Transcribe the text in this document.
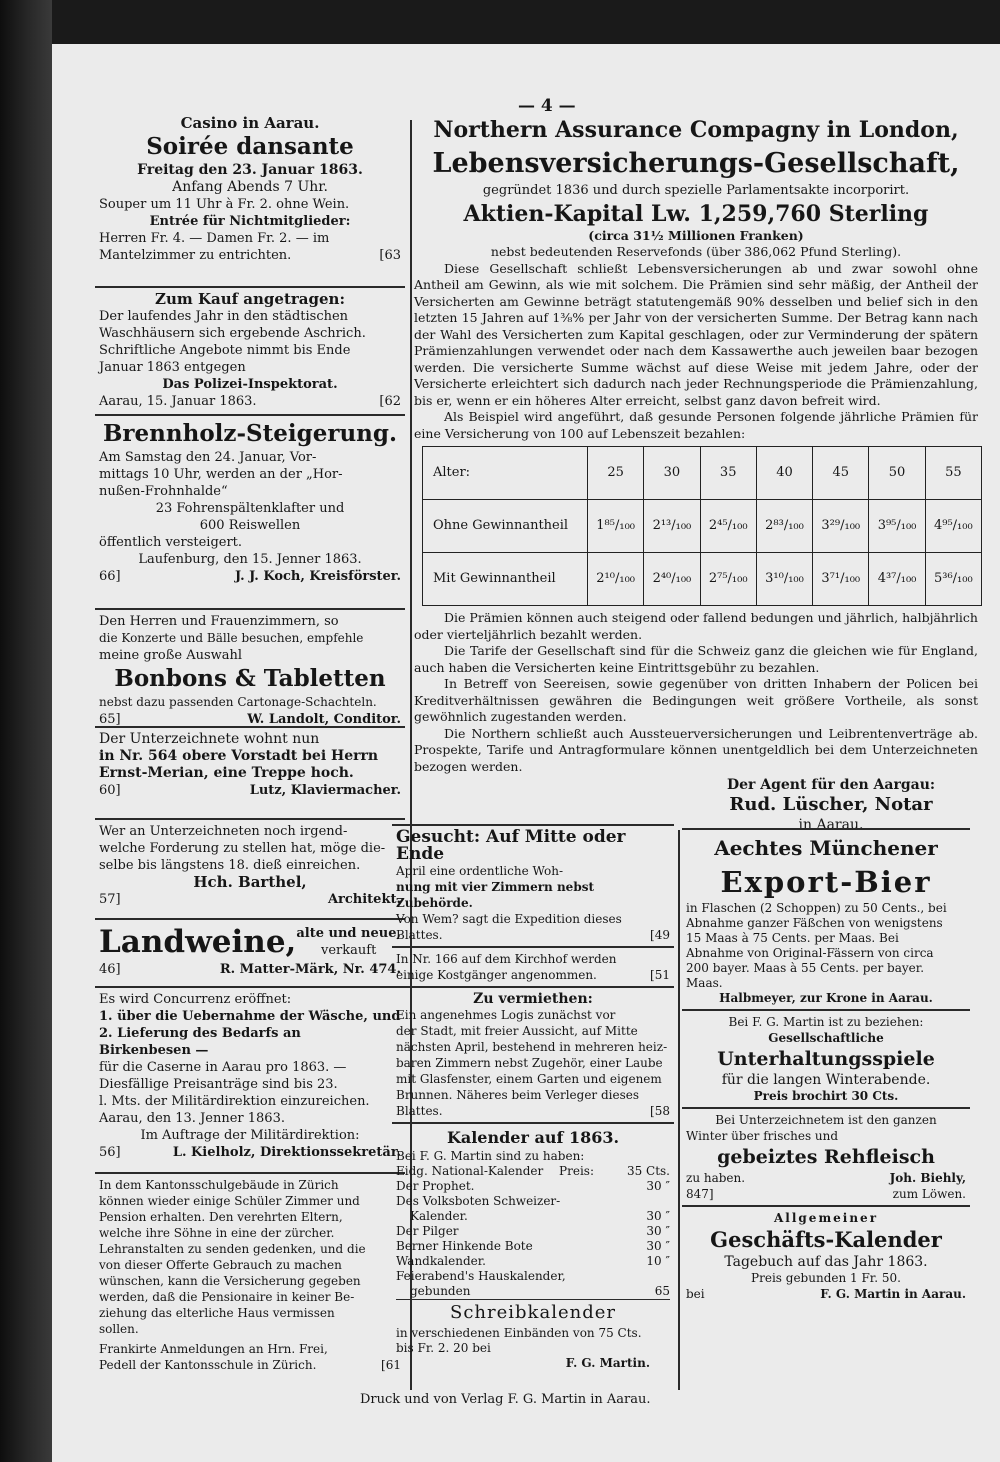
— 4 —

Casino in Aarau.

Soirée dansante

Freitag den 23. Januar 1863.

Anfang Abends 7 Uhr.

Souper um 11 Uhr à Fr. 2. ohne Wein.

Entrée für Nichtmitglieder:

Herren Fr. 4. — Damen Fr. 2. — im

Mantelzimmer zu entrichten.	[63

Zum Kauf angetragen:

Der laufendes Jahr in den städtischen

Waschhäusern sich ergebende Aschrich.

Schriftliche Angebote nimmt bis Ende

Januar 1863 entgegen

Das Polizei-Inspektorat.

Aarau, 15. Januar 1863.	[62

Brennholz-Steigerung.

Am Samstag den 24. Januar, Vor-

mittags 10 Uhr, werden an der „Hor-

nußen-Frohnhalde“

23 Fohrenspältenklafter und

600 Reiswellen

öffentlich versteigert.

Laufenburg, den 15. Jenner 1863.

66]	J. J. Koch, Kreisförster.

Den Herren und Frauenzimmern, so

die Konzerte und Bälle besuchen, empfehle

meine große Auswahl

Bonbons & Tabletten

nebst dazu passenden Cartonage-Schachteln.

65]	W. Landolt, Conditor.

Der Unterzeichnete wohnt nun

in Nr. 564 obere Vorstadt bei Herrn

Ernst-Merian, eine Treppe hoch.

60]	Lutz, Klaviermacher.

Wer an Unterzeichneten noch irgend-

welche Forderung zu stellen hat, möge die-

selbe bis längstens 18. dieß einreichen.

Hch. Barthel,

57]	Architekt.
Landweine, alte und neue,
verkauft
46]	R. Matter-Märk, Nr. 474.

Es wird Concurrenz eröffnet:

1. über die Uebernahme der Wäsche, und

2. Lieferung des Bedarfs an

Birkenbesen —

für die Caserne in Aarau pro 1863. —

Diesfällige Preisanträge sind bis 23.

l. Mts. der Militärdirektion einzureichen.

Aarau, den 13. Jenner 1863.

Im Auftrage der Militärdirektion:

56]	L. Kielholz, Direktionssekretär.

In dem Kantonsschulgebäude in Zürich

können wieder einige Schüler Zimmer und

Pension erhalten. Den verehrten Eltern,

welche ihre Söhne in eine der zürcher.

Lehranstalten zu senden gedenken, und die

von dieser Offerte Gebrauch zu machen

wünschen, kann die Versicherung gegeben

werden, daß die Pensionaire in keiner Be-

ziehung das elterliche Haus vermissen

sollen.

Frankirte Anmeldungen an Hrn. Frei,

Pedell der Kantonsschule in Zürich.	[61

Northern Assurance Compagny in London,

Lebensversicherungs-Gesellschaft,

gegründet 1836 und durch spezielle Parlamentsakte incorporirt.

Aktien-Kapital Lw. 1,259,760 Sterling

(circa 31½ Millionen Franken)

nebst bedeutenden Reservefonds (über 386,062 Pfund Sterling).

Diese Gesellschaft schließt Lebensversicherungen ab und zwar sowohl ohne Antheil am Gewinn, als wie mit solchem. Die Prämien sind sehr mäßig, der Antheil der Versicherten am Gewinne beträgt statutengemäß 90% desselben und belief sich in den letzten 15 Jahren auf 1⅜% per Jahr von der versicherten Summe. Der Betrag kann nach der Wahl des Versicherten zum Kapital geschlagen, oder zur Verminderung der spätern Prämienzahlungen verwendet oder nach dem Kassawerthe auch jeweilen baar bezogen werden. Die versicherte Summe wächst auf diese Weise mit jedem Jahre, oder der Versicherte erleichtert sich dadurch nach jeder Rechnungsperiode die Prämienzahlung, bis er, wenn er ein höheres Alter erreicht, selbst ganz davon befreit wird.

Als Beispiel wird angeführt, daß gesunde Personen folgende jährliche Prämien für eine Versicherung von 100 auf Lebenszeit bezahlen:

Alter:	25	30	35	40	45	50	55
Ohne Gewinnantheil	1⁸⁵/₁₀₀	2¹³/₁₀₀	2⁴⁵/₁₀₀	2⁸³/₁₀₀	3²⁹/₁₀₀	3⁹⁵/₁₀₀	4⁹⁵/₁₀₀
Mit Gewinnantheil	2¹⁰/₁₀₀	2⁴⁰/₁₀₀	2⁷⁵/₁₀₀	3¹⁰/₁₀₀	3⁷¹/₁₀₀	4³⁷/₁₀₀	5³⁶/₁₀₀

Die Prämien können auch steigend oder fallend bedungen und jährlich, halbjährlich oder vierteljährlich bezahlt werden.

Die Tarife der Gesellschaft sind für die Schweiz ganz die gleichen wie für England, auch haben die Versicherten keine Eintrittsgebühr zu bezahlen.

In Betreff von Seereisen, sowie gegenüber von dritten Inhabern der Policen bei Kreditverhältnissen gewähren die Bedingungen weit größere Vortheile, als sonst gewöhnlich zugestanden werden.

Die Northern schließt auch Aussteuerversicherungen und Leibrentenverträge ab. Prospekte, Tarife und Antragformulare können unentgeldlich bei dem Unterzeichneten bezogen werden.

Der Agent für den Aargau:

Rud. Lüscher, Notar

in Aarau.

Gesucht: Auf Mitte oder Ende

April eine ordentliche Woh-

nung mit vier Zimmern nebst Zubehörde.

Von Wem? sagt die Expedition dieses

Blattes.	[49

In Nr. 166 auf dem Kirchhof werden

einige Kostgänger angenommen.	[51

Zu vermiethen:

Ein angenehmes Logis zunächst vor

der Stadt, mit freier Aussicht, auf Mitte

nächsten April, bestehend in mehreren heiz-

baren Zimmern nebst Zugehör, einer Laube

mit Glasfenster, einem Garten und eigenem

Brunnen. Näheres beim Verleger dieses

Blattes.	[58

Kalender auf 1863.

Bei F. G. Martin sind zu haben:
Eidg. National-Kalender	Preis:	35 Cts.
Der Prophet.	30 ″
Des Volksboten Schweizer-
Kalender.	30 ″
Der Pilger	30 ″
Berner Hinkende Bote	30 ″
Wandkalender.	10 ″
Feierabend's Hauskalender,
gebunden	65

Schreibkalender

in verschiedenen Einbänden von 75 Cts.

bis Fr. 2. 20 bei

F. G. Martin.

Aechtes Münchener

Export-Bier

in Flaschen (2 Schoppen) zu 50 Cents., bei

Abnahme ganzer Fäßchen von wenigstens

15 Maas à 75 Cents. per Maas. Bei

Abnahme von Original-Fässern von circa

200 bayer. Maas à 55 Cents. per bayer.

Maas.

Halbmeyer, zur Krone in Aarau.

Bei F. G. Martin ist zu beziehen:

Gesellschaftliche

Unterhaltungsspiele

für die langen Winterabende.

Preis brochirt 30 Cts.

Bei Unterzeichnetem ist den ganzen

Winter über frisches und

gebeiztes Rehfleisch

zu haben.	Joh. Biehly,
847]	zum Löwen.

Allgemeiner

Geschäfts-Kalender

Tagebuch auf das Jahr 1863.

Preis gebunden 1 Fr. 50.

bei	F. G. Martin in Aarau.
Druck und von Verlag F. G. Martin in Aarau.
